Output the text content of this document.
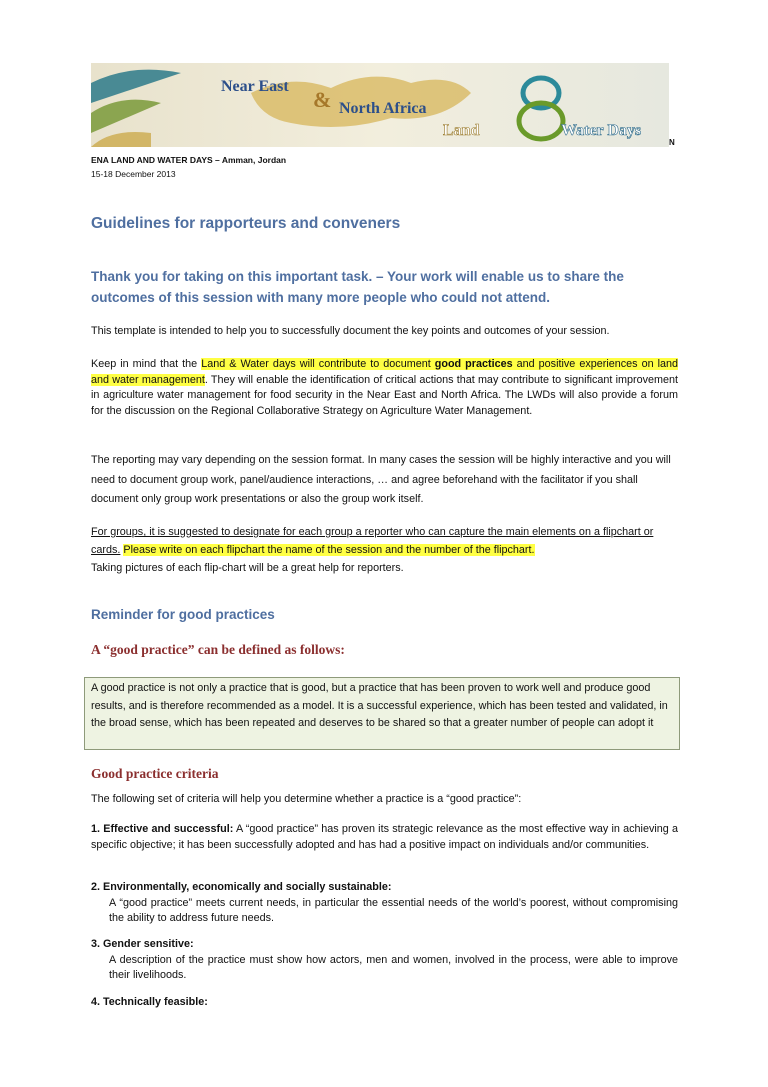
Near East
& North Africa
Land	Water Days
N
ENA LAND AND WATER DAYS – Amman, Jordan
15-18 December 2013
Guidelines for rapporteurs and conveners
Thank you for taking on this important task. – Your work will enable us to share the outcomes of this session with many more people who could not attend.
This template is intended to help you to successfully document the key points and outcomes of your session.
Keep in mind that the Land & Water days will contribute to document good practices and positive experiences on land and water management. They will enable the identification of critical actions that may contribute to significant improvement in agriculture water management for food security in the Near East and North Africa. The LWDs will also provide a forum for the discussion on the Regional Collaborative Strategy on Agriculture Water Management.
The reporting may vary depending on the session format. In many cases the session will be highly interactive and you will need to document group work, panel/audience interactions, … and agree beforehand with the facilitator if you shall document only group work presentations or also the group work itself.
For groups, it is suggested to designate for each group a reporter who can capture the main elements on a flipchart or cards. Please write on each flipchart the name of the session and the number of the flipchart.
Taking pictures of each flip-chart will be a great help for reporters.
Reminder for good practices
A “good practice” can be defined as follows:
A good practice is not only a practice that is good, but a practice that has been proven to work well and produce good results, and is therefore recommended as a model. It is a successful experience, which has been tested and validated, in the broad sense, which has been repeated and deserves to be shared so that a greater number of people can adopt it
Good practice criteria
The following set of criteria will help you determine whether a practice is a “good practice”:
1. Effective and successful: A “good practice” has proven its strategic relevance as the most effective way in achieving a specific objective; it has been successfully adopted and has had a positive impact on individuals and/or communities.
2. Environmentally, economically and socially sustainable:
A “good practice” meets current needs, in particular the essential needs of the world’s poorest, without compromising the ability to address future needs.
3. Gender sensitive:
A description of the practice must show how actors, men and women, involved in the process, were able to improve their livelihoods.
4. Technically feasible:
